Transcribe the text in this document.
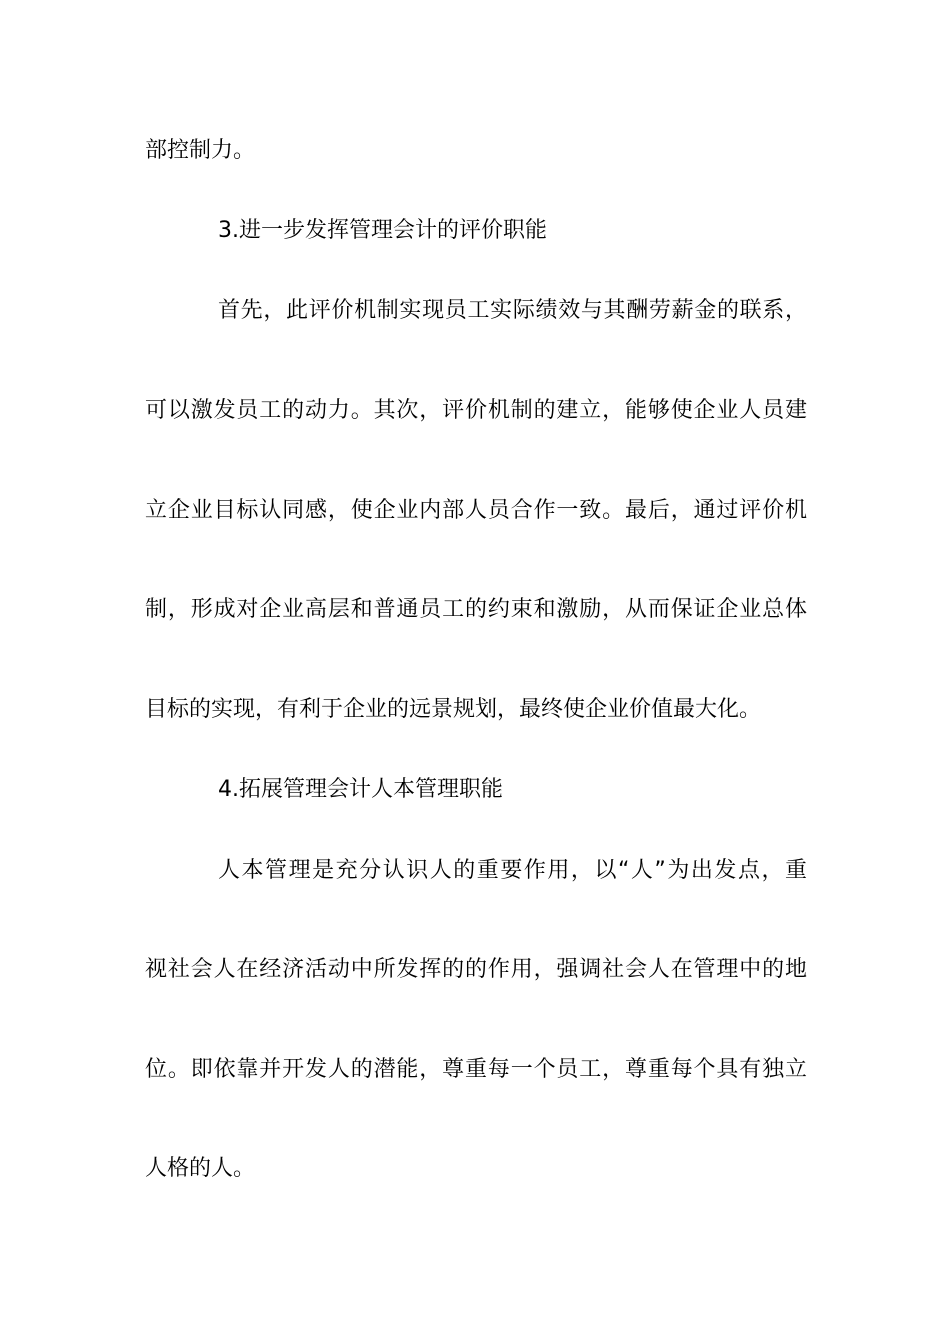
部控制力。

3.进一步发挥管理会计的评价职能

首先，此评价机制实现员工实际绩效与其酬劳薪金的联系，

可以激发员工的动力。其次，评价机制的建立，能够使企业人员建

立企业目标认同感，使企业内部人员合作一致。最后，通过评价机

制，形成对企业高层和普通员工的约束和激励，从而保证企业总体

目标的实现，有利于企业的远景规划，最终使企业价值最大化。

4.拓展管理会计人本管理职能

人本管理是充分认识人的重要作用，以“人”为出发点，重

视社会人在经济活动中所发挥的的作用，强调社会人在管理中的地

位。即依靠并开发人的潜能，尊重每一个员工，尊重每个具有独立

人格的人。
